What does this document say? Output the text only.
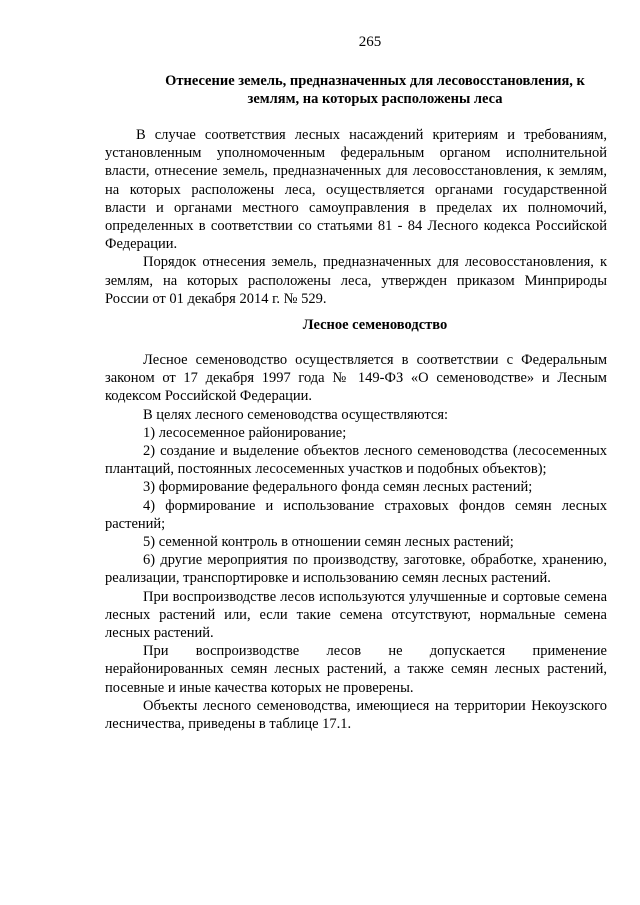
265
Отнесение земель, предназначенных для лесовосстановления, к землям, на которых расположены леса

В случае соответствия лесных насаждений критериям и требованиям, установленным уполномоченным федеральным органом исполнительной власти, отнесение земель, предназначенных для лесовосстановления, к землям, на которых расположены леса, осуществляется органами государственной власти и органами местного самоуправления в пределах их полномочий, определенных в соответствии со статьями 81 - 84 Лесного кодекса Российской Федерации.

Порядок отнесения земель, предназначенных для лесовосстановления, к землям, на которых расположены леса, утвержден приказом Минприроды России от 01 декабря 2014 г. № 529.

Лесное семеноводство

Лесное семеноводство осуществляется в соответствии с Федеральным законом от 17 декабря 1997 года № 149-ФЗ «О семеноводстве» и Лесным кодексом Российской Федерации.

В целях лесного семеноводства осуществляются:

1) лесосеменное районирование;

2) создание и выделение объектов лесного семеноводства (лесосеменных плантаций, постоянных лесосеменных участков и подобных объектов);

3) формирование федерального фонда семян лесных растений;

4) формирование и использование страховых фондов семян лесных растений;

5) семенной контроль в отношении семян лесных растений;

6) другие мероприятия по производству, заготовке, обработке, хранению, реализации, транспортировке и использованию семян лесных растений.

При воспроизводстве лесов используются улучшенные и сортовые семена лесных растений или, если такие семена отсутствуют, нормальные семена лесных растений.

При воспроизводстве лесов не допускается применение нерайонированных семян лесных растений, а также семян лесных растений, посевные и иные качества которых не проверены.

Объекты лесного семеноводства, имеющиеся на территории Некоузского лесничества, приведены в таблице 17.1.
